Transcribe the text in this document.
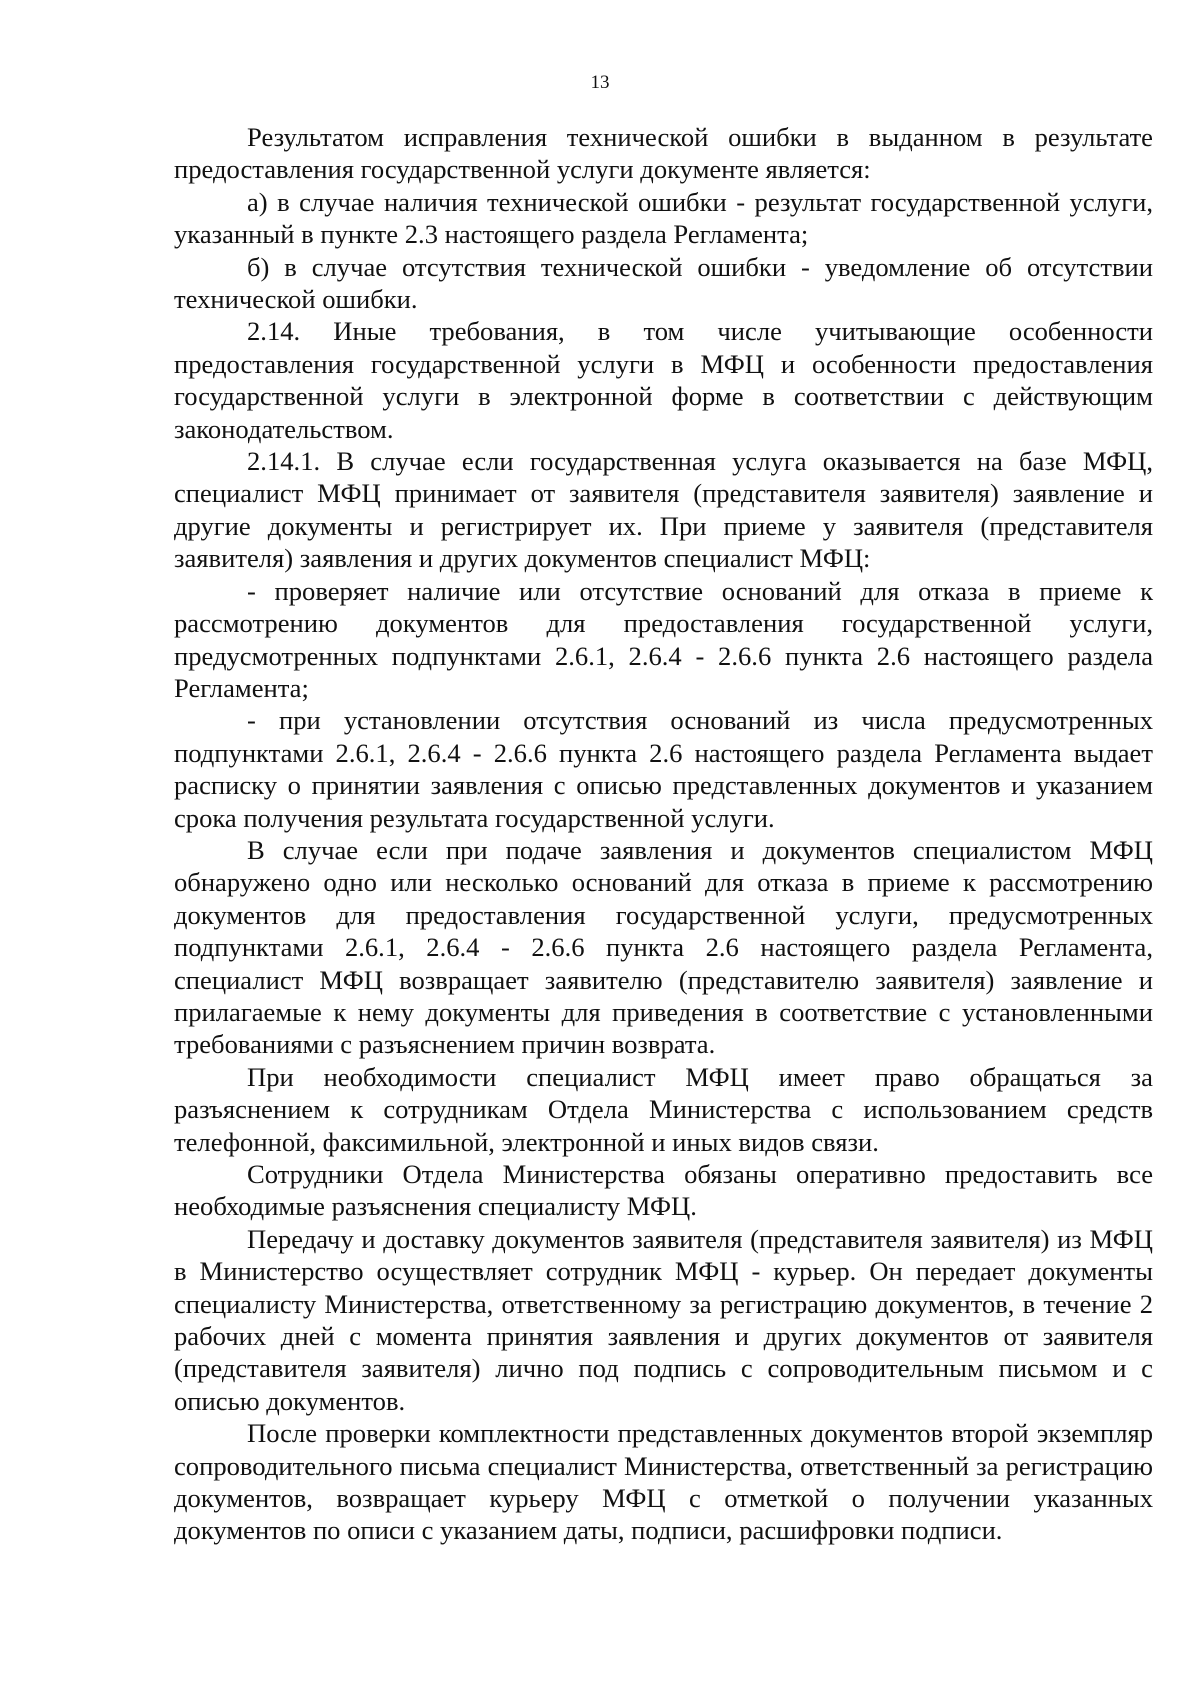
13

Результатом исправления технической ошибки в выданном в результате предоставления государственной услуги документе является:

а) в случае наличия технической ошибки - результат государственной услуги, указанный в пункте 2.3 настоящего раздела Регламента;

б) в случае отсутствия технической ошибки - уведомление об отсутствии технической ошибки.

2.14. Иные требования, в том числе учитывающие особенности предоставления государственной услуги в МФЦ и особенности предоставления государственной услуги в электронной форме в соответствии с действующим законодательством.

2.14.1. В случае если государственная услуга оказывается на базе МФЦ, специалист МФЦ принимает от заявителя (представителя заявителя) заявление и другие документы и регистрирует их. При приеме у заявителя (представителя заявителя) заявления и других документов специалист МФЦ:

- проверяет наличие или отсутствие оснований для отказа в приеме к рассмотрению документов для предоставления государственной услуги, предусмотренных подпунктами 2.6.1, 2.6.4 - 2.6.6 пункта 2.6 настоящего раздела Регламента;

- при установлении отсутствия оснований из числа предусмотренных подпунктами 2.6.1, 2.6.4 - 2.6.6 пункта 2.6 настоящего раздела Регламента выдает расписку о принятии заявления с описью представленных документов и указанием срока получения результата государственной услуги.

В случае если при подаче заявления и документов специалистом МФЦ обнаружено одно или несколько оснований для отказа в приеме к рассмотрению документов для предоставления государственной услуги, предусмотренных подпунктами 2.6.1, 2.6.4 - 2.6.6 пункта 2.6 настоящего раздела Регламента, специалист МФЦ возвращает заявителю (представителю заявителя) заявление и прилагаемые к нему документы для приведения в соответствие с установленными требованиями с разъяснением причин возврата.

При необходимости специалист МФЦ имеет право обращаться за разъяснением к сотрудникам Отдела Министерства с использованием средств телефонной, факсимильной, электронной и иных видов связи.

Сотрудники Отдела Министерства обязаны оперативно предоставить все необходимые разъяснения специалисту МФЦ.

Передачу и доставку документов заявителя (представителя заявителя) из МФЦ в Министерство осуществляет сотрудник МФЦ - курьер. Он передает документы специалисту Министерства, ответственному за регистрацию документов, в течение 2 рабочих дней с момента принятия заявления и других документов от заявителя (представителя заявителя) лично под подпись с сопроводительным письмом и с описью документов.

После проверки комплектности представленных документов второй экземпляр сопроводительного письма специалист Министерства, ответственный за регистрацию документов, возвращает курьеру МФЦ с отметкой о получении указанных документов по описи с указанием даты, подписи, расшифровки подписи.
